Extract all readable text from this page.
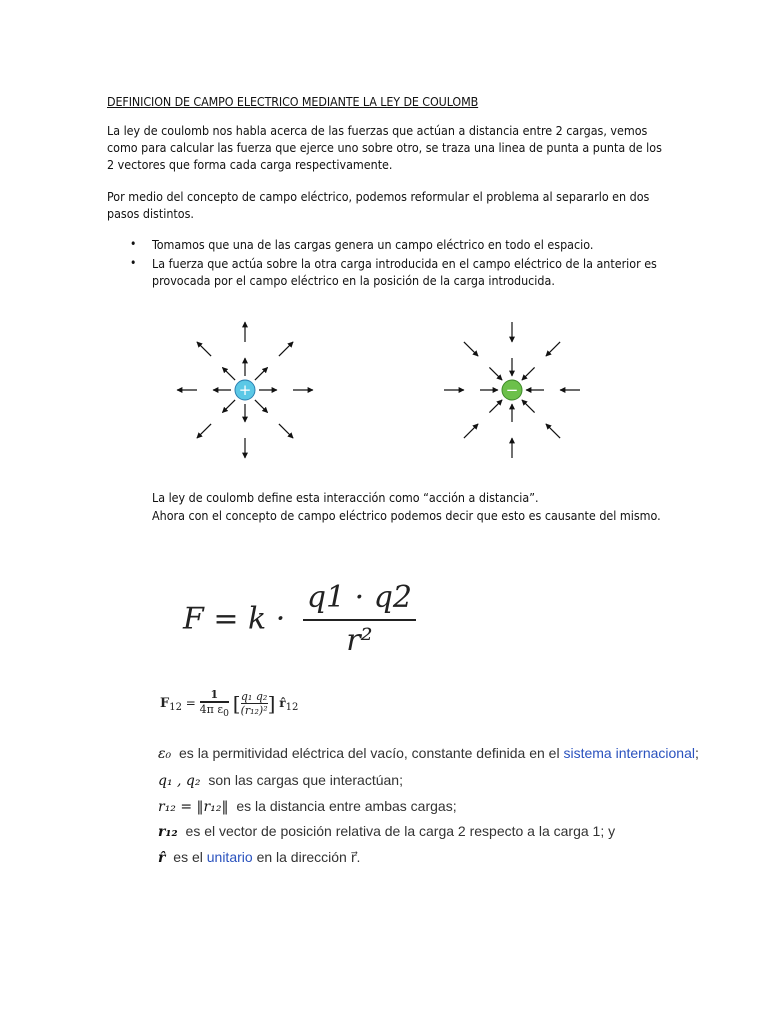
DEFINICION DE CAMPO ELECTRICO MEDIANTE LA LEY DE COULOMB
La ley de coulomb nos habla acerca de las fuerzas que actúan a distancia entre 2 cargas, vemos como para calcular las fuerza que ejerce uno sobre otro, se traza una linea de punta a punta de los 2 vectores que forma cada carga respectivamente.
Por medio del concepto de campo eléctrico, podemos reformular el problema al separarlo en dos pasos distintos.
• Tomamos que una de las cargas genera un campo eléctrico en todo el espacio.
• La fuerza que actúa sobre la otra carga introducida en el campo eléctrico de la anterior es provocada por el campo eléctrico en la posición de la carga introducida.
+	−
La ley de coulomb define esta interacción como “acción a distancia”.
Ahora con el concepto de campo eléctrico podemos decir que esto es causante del mismo.
$F = k \cdot \frac{q1 \cdot q2}{\text{r²}}$
$F_{12} = \frac{1}{4\pi \varepsilon_0}$ [ $\frac{\text{q₁ q₂}}{\text{(r₁₂)²}}$ ] $r̂_{12}$
ε₀ es la permitividad eléctrica del vacío, constante definida en el sistema internacional;
q₁ , q₂ son las cargas que interactúan;
r₁₂ = ‖r₁₂‖ es la distancia entre ambas cargas;
r₁₂ es el vector de posición relativa de la carga 2 respecto a la carga 1; y
r̂ es el unitario en la dirección r⃗.
